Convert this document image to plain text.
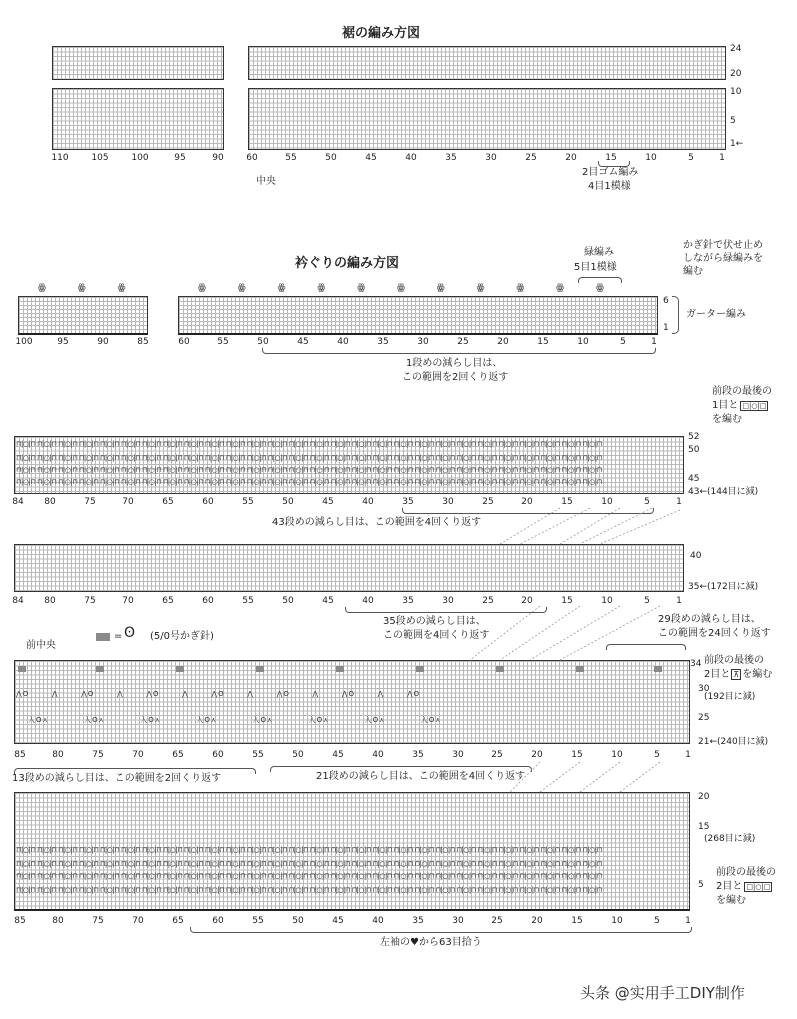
裾の編み方図
24
20
10
5
1←
110	105	100	95	90	60	55	50	45	40	35	30	25	20	15	10	5	1
中央
2目ゴム編み
4目1模様
衿ぐりの編み方図
かぎ針で伏せ止め
しながら緑編みを
編む
緑編み
5目1模様
ꙮ        ꙮ        ꙮ	ꙮ        ꙮ        ꙮ        ꙮ        ꙮ        ꙮ        ꙮ        ꙮ        ꙮ        ꙮ        ꙮ
6
1
ガーター編み
100	95	90	85	60	55	50	45	40	35	30	25	20	15	10	5	1
1段めの減らし目は、
この範囲を2回くり返す
前段の最後の
1目と □|○|□
を編む
⊓|○|⊓ ⊓|○|⊓ ⊓|○|⊓ ⊓|○|⊓ ⊓|○|⊓ ⊓|○|⊓ ⊓|○|⊓ ⊓|○|⊓ ⊓|○|⊓ ⊓|○|⊓ ⊓|○|⊓ ⊓|○|⊓ ⊓|○|⊓ ⊓|○|⊓ ⊓|○|⊓ ⊓|○|⊓ ⊓|○|⊓ ⊓|○|⊓ ⊓|○|⊓ ⊓|○|⊓ ⊓|○|⊓ ⊓|○|⊓ ⊓|○|⊓ ⊓|○|⊓ ⊓|○|⊓ ⊓|○|⊓ ⊓|○|⊓ ⊓|○|⊓
⊓|○|⊓ ⊓|○|⊓ ⊓|○|⊓ ⊓|○|⊓ ⊓|○|⊓ ⊓|○|⊓ ⊓|○|⊓ ⊓|○|⊓ ⊓|○|⊓ ⊓|○|⊓ ⊓|○|⊓ ⊓|○|⊓ ⊓|○|⊓ ⊓|○|⊓ ⊓|○|⊓ ⊓|○|⊓ ⊓|○|⊓ ⊓|○|⊓ ⊓|○|⊓ ⊓|○|⊓ ⊓|○|⊓ ⊓|○|⊓ ⊓|○|⊓ ⊓|○|⊓ ⊓|○|⊓ ⊓|○|⊓ ⊓|○|⊓ ⊓|○|⊓
⊓|○|⊓ ⊓|○|⊓ ⊓|○|⊓ ⊓|○|⊓ ⊓|○|⊓ ⊓|○|⊓ ⊓|○|⊓ ⊓|○|⊓ ⊓|○|⊓ ⊓|○|⊓ ⊓|○|⊓ ⊓|○|⊓ ⊓|○|⊓ ⊓|○|⊓ ⊓|○|⊓ ⊓|○|⊓ ⊓|○|⊓ ⊓|○|⊓ ⊓|○|⊓ ⊓|○|⊓ ⊓|○|⊓ ⊓|○|⊓ ⊓|○|⊓ ⊓|○|⊓ ⊓|○|⊓ ⊓|○|⊓ ⊓|○|⊓ ⊓|○|⊓
⊓|○|⊓ ⊓|○|⊓ ⊓|○|⊓ ⊓|○|⊓ ⊓|○|⊓ ⊓|○|⊓ ⊓|○|⊓ ⊓|○|⊓ ⊓|○|⊓ ⊓|○|⊓ ⊓|○|⊓ ⊓|○|⊓ ⊓|○|⊓ ⊓|○|⊓ ⊓|○|⊓ ⊓|○|⊓ ⊓|○|⊓ ⊓|○|⊓ ⊓|○|⊓ ⊓|○|⊓ ⊓|○|⊓ ⊓|○|⊓ ⊓|○|⊓ ⊓|○|⊓ ⊓|○|⊓ ⊓|○|⊓ ⊓|○|⊓ ⊓|○|⊓
52
50
45
43←(144目に減)
84 80	75	70	65	60	55	50	45	40	35	30	25	20	15	10	5	1
43段めの減らし目は、この範囲を4回くり返す
40
35←(172目に減)
84 80	75	70	65	60	55	50	45	40	35	30	25	20	15	10	5	1
35段めの減らし目は、
この範囲を4回くり返す
= ʘ (5/0号かぎ針)
前中央
29段めの減らし目は、
この範囲を24回くり返す
前段の最後の
2目と ⊼ を編む
⋀O       ⋀       ⋀O       ⋀       ⋀O       ⋀       ⋀O       ⋀       ⋀O       ⋀       ⋀O       ⋀       ⋀O
入O⋏           入O⋏           入O⋏           入O⋏           入O⋏           入O⋏           入O⋏           入O⋏
34
30
(192目に減)
25
21←(240目に減)
85	80	75	70	65	60	55	50	45	40	35	30	25	20	15	10	5	1
13段めの減らし目は、この範囲を2回くり返す	21段めの減らし目は、この範囲を4回くり返す
⊓|○|⊓ ⊓|○|⊓ ⊓|○|⊓ ⊓|○|⊓ ⊓|○|⊓ ⊓|○|⊓ ⊓|○|⊓ ⊓|○|⊓ ⊓|○|⊓ ⊓|○|⊓ ⊓|○|⊓ ⊓|○|⊓ ⊓|○|⊓ ⊓|○|⊓ ⊓|○|⊓ ⊓|○|⊓ ⊓|○|⊓ ⊓|○|⊓ ⊓|○|⊓ ⊓|○|⊓ ⊓|○|⊓ ⊓|○|⊓ ⊓|○|⊓ ⊓|○|⊓ ⊓|○|⊓ ⊓|○|⊓ ⊓|○|⊓ ⊓|○|⊓
⊓|○|⊓ ⊓|○|⊓ ⊓|○|⊓ ⊓|○|⊓ ⊓|○|⊓ ⊓|○|⊓ ⊓|○|⊓ ⊓|○|⊓ ⊓|○|⊓ ⊓|○|⊓ ⊓|○|⊓ ⊓|○|⊓ ⊓|○|⊓ ⊓|○|⊓ ⊓|○|⊓ ⊓|○|⊓ ⊓|○|⊓ ⊓|○|⊓ ⊓|○|⊓ ⊓|○|⊓ ⊓|○|⊓ ⊓|○|⊓ ⊓|○|⊓ ⊓|○|⊓ ⊓|○|⊓ ⊓|○|⊓ ⊓|○|⊓ ⊓|○|⊓
⊓|○|⊓ ⊓|○|⊓ ⊓|○|⊓ ⊓|○|⊓ ⊓|○|⊓ ⊓|○|⊓ ⊓|○|⊓ ⊓|○|⊓ ⊓|○|⊓ ⊓|○|⊓ ⊓|○|⊓ ⊓|○|⊓ ⊓|○|⊓ ⊓|○|⊓ ⊓|○|⊓ ⊓|○|⊓ ⊓|○|⊓ ⊓|○|⊓ ⊓|○|⊓ ⊓|○|⊓ ⊓|○|⊓ ⊓|○|⊓ ⊓|○|⊓ ⊓|○|⊓ ⊓|○|⊓ ⊓|○|⊓ ⊓|○|⊓ ⊓|○|⊓
⊓|○|⊓ ⊓|○|⊓ ⊓|○|⊓ ⊓|○|⊓ ⊓|○|⊓ ⊓|○|⊓ ⊓|○|⊓ ⊓|○|⊓ ⊓|○|⊓ ⊓|○|⊓ ⊓|○|⊓ ⊓|○|⊓ ⊓|○|⊓ ⊓|○|⊓ ⊓|○|⊓ ⊓|○|⊓ ⊓|○|⊓ ⊓|○|⊓ ⊓|○|⊓ ⊓|○|⊓ ⊓|○|⊓ ⊓|○|⊓ ⊓|○|⊓ ⊓|○|⊓ ⊓|○|⊓ ⊓|○|⊓ ⊓|○|⊓ ⊓|○|⊓
20
15
(268目に減)
5
前段の最後の
2目と □|○|□
を編む
85	80	75	70	65	60	55	50	45	40	35	30	25	20	15	10	5	1
左袖の♥から63目拾う
头条 @实用手工DIY制作
